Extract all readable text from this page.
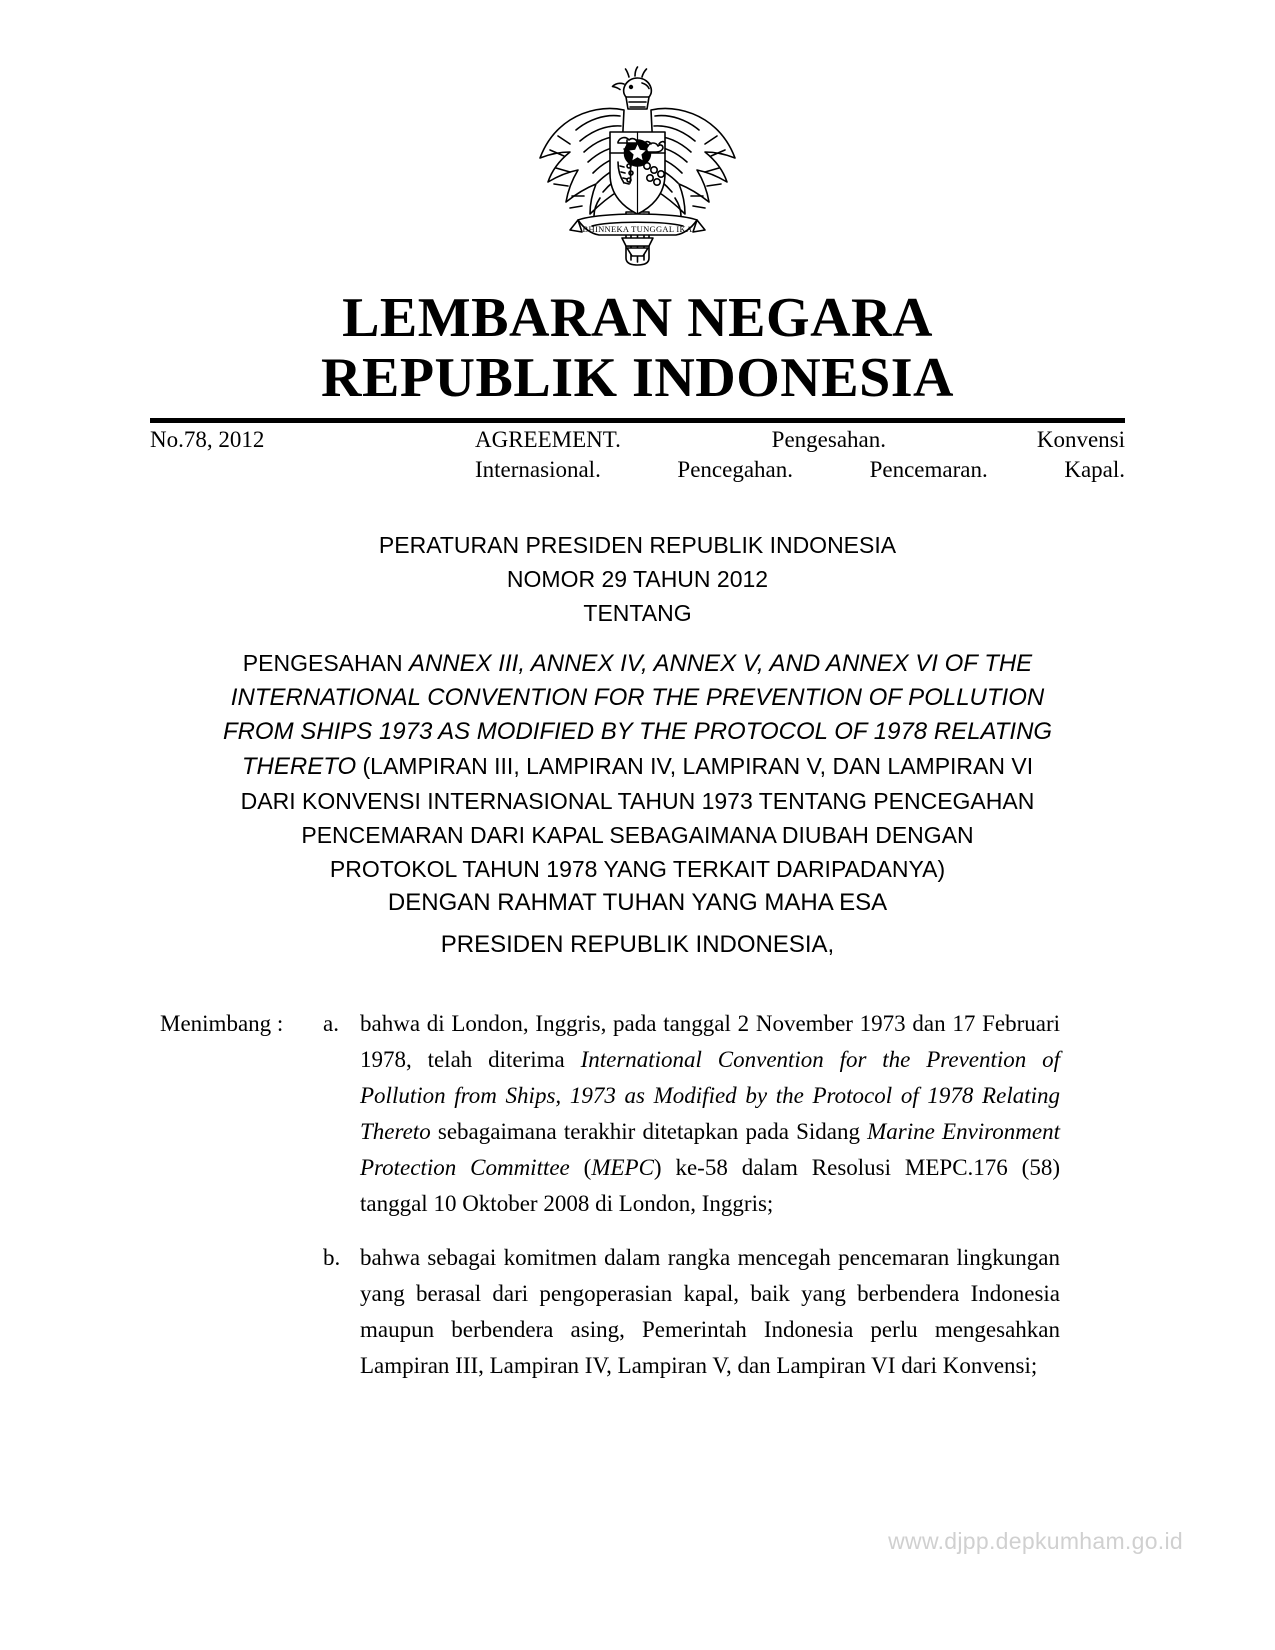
BHINNEKA TUNGGAL IKA
LEMBARAN NEGARA
REPUBLIK INDONESIA
No.78, 2012	AGREEMENT. Pengesahan. Konvensi
Internasional. Pencegahan. Pencemaran. Kapal.
PERATURAN PRESIDEN REPUBLIK INDONESIA
NOMOR 29 TAHUN 2012
TENTANG
PENGESAHAN ANNEX III, ANNEX IV, ANNEX V, AND ANNEX VI OF THE
INTERNATIONAL CONVENTION FOR THE PREVENTION OF POLLUTION
FROM SHIPS 1973 AS MODIFIED BY THE PROTOCOL OF 1978 RELATING
THERETO (LAMPIRAN III, LAMPIRAN IV, LAMPIRAN V, DAN LAMPIRAN VI
DARI KONVENSI INTERNASIONAL TAHUN 1973 TENTANG PENCEGAHAN
PENCEMARAN DARI KAPAL SEBAGAIMANA DIUBAH DENGAN
PROTOKOL TAHUN 1978 YANG TERKAIT DARIPADANYA)
DENGAN RAHMAT TUHAN YANG MAHA ESA
PRESIDEN REPUBLIK INDONESIA,
Menimbang :	a. bahwa di London, Inggris, pada tanggal 2 November 1973 dan 17 Februari 1978, telah diterima International Convention for the Prevention of Pollution from Ships, 1973 as Modified by the Protocol of 1978 Relating Thereto sebagaimana terakhir ditetapkan pada Sidang Marine Environment Protection Committee (MEPC) ke-58 dalam Resolusi MEPC.176 (58) tanggal 10 Oktober 2008 di London, Inggris;
b. bahwa sebagai komitmen dalam rangka mencegah pencemaran lingkungan yang berasal dari pengoperasian kapal, baik yang berbendera Indonesia maupun berbendera asing, Pemerintah Indonesia perlu mengesahkan Lampiran III, Lampiran IV, Lampiran V, dan Lampiran VI dari Konvensi;
www.djpp.depkumham.go.id
